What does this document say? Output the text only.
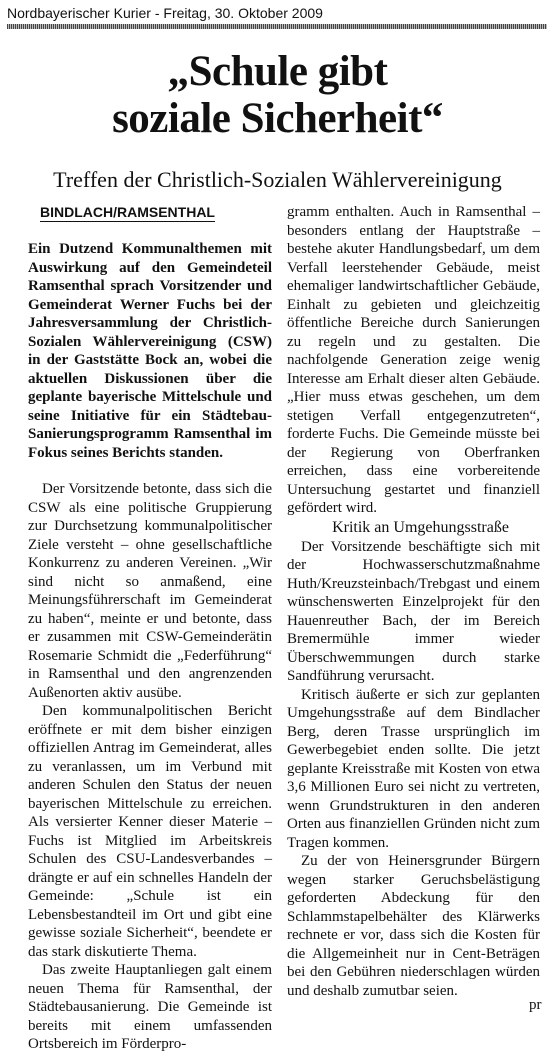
Nordbayerischer Kurier - Freitag, 30. Oktober 2009
„Schule gibt
soziale Sicherheit“
Treffen der Christlich-Sozialen Wählervereinigung
BINDLACH/RAMSENTHAL

Ein Dutzend Kommunalthemen mit Auswirkung auf den Gemeindeteil Ramsenthal sprach Vorsitzender und Gemeinderat Werner Fuchs bei der Jahresversammlung der Christlich-Sozialen Wählervereinigung (CSW) in der Gaststätte Bock an, wobei die aktuellen Diskussionen über die geplante bayerische Mittelschule und seine Initiative für ein Städtebau-Sanierungsprogramm Ramsenthal im Fokus seines Berichts standen.

Der Vorsitzende betonte, dass sich die CSW als eine politische Gruppierung zur Durchsetzung kommunalpolitischer Ziele versteht – ohne gesellschaftliche Konkurrenz zu anderen Vereinen. „Wir sind nicht so anmaßend, eine Meinungsführerschaft im Gemeinderat zu haben“, meinte er und betonte, dass er zusammen mit CSW-Gemeinderätin Rosemarie Schmidt die „Federführung“ in Ramsenthal und den angrenzenden Außenorten aktiv ausübe.

Den kommunalpolitischen Bericht eröffnete er mit dem bisher einzigen offiziellen Antrag im Gemeinderat, alles zu veranlassen, um im Verbund mit anderen Schulen den Status der neuen bayerischen Mittelschule zu erreichen. Als versierter Kenner dieser Materie – Fuchs ist Mitglied im Arbeitskreis Schulen des CSU-Landesverbandes – drängte er auf ein schnelles Handeln der Gemeinde: „Schule ist ein Lebensbestandteil im Ort und gibt eine gewisse soziale Sicherheit“, beendete er das stark diskutierte Thema.

Das zweite Hauptanliegen galt einem neuen Thema für Ramsenthal, der Städtebausanierung. Die Gemeinde ist bereits mit einem umfassenden Ortsbereich im Förderpro-

gramm enthalten. Auch in Ramsenthal – besonders entlang der Hauptstraße – bestehe akuter Handlungsbedarf, um dem Verfall leerstehender Gebäude, meist ehemaliger landwirtschaftlicher Gebäude, Einhalt zu gebieten und gleichzeitig öffentliche Bereiche durch Sanierungen zu regeln und zu gestalten. Die nachfolgende Generation zeige wenig Interesse am Erhalt dieser alten Gebäude. „Hier muss etwas geschehen, um dem stetigen Verfall entgegenzutreten“, forderte Fuchs. Die Gemeinde müsste bei der Regierung von Oberfranken erreichen, dass eine vorbereitende Untersuchung gestartet und finanziell gefördert wird.

Kritik an Umgehungsstraße

Der Vorsitzende beschäftigte sich mit der Hochwasserschutzmaßnahme Huth/Kreuzsteinbach/Trebgast und einem wünschenswerten Einzelprojekt für den Hauenreuther Bach, der im Bereich Bremermühle immer wieder Überschwemmungen durch starke Sandführung verursacht.

Kritisch äußerte er sich zur geplanten Umgehungsstraße auf dem Bindlacher Berg, deren Trasse ursprünglich im Gewerbegebiet enden sollte. Die jetzt geplante Kreisstraße mit Kosten von etwa 3,6 Millionen Euro sei nicht zu vertreten, wenn Grundstrukturen in den anderen Orten aus finanziellen Gründen nicht zum Tragen kommen.

Zu der von Heinersgrunder Bürgern wegen starker Geruchsbelästigung geforderten Abdeckung für den Schlammstapelbehälter des Klärwerks rechnete er vor, dass sich die Kosten für die Allgemeinheit nur in Cent-Beträgen bei den Gebühren niederschlagen würden und deshalb zumutbar seien.

pr
